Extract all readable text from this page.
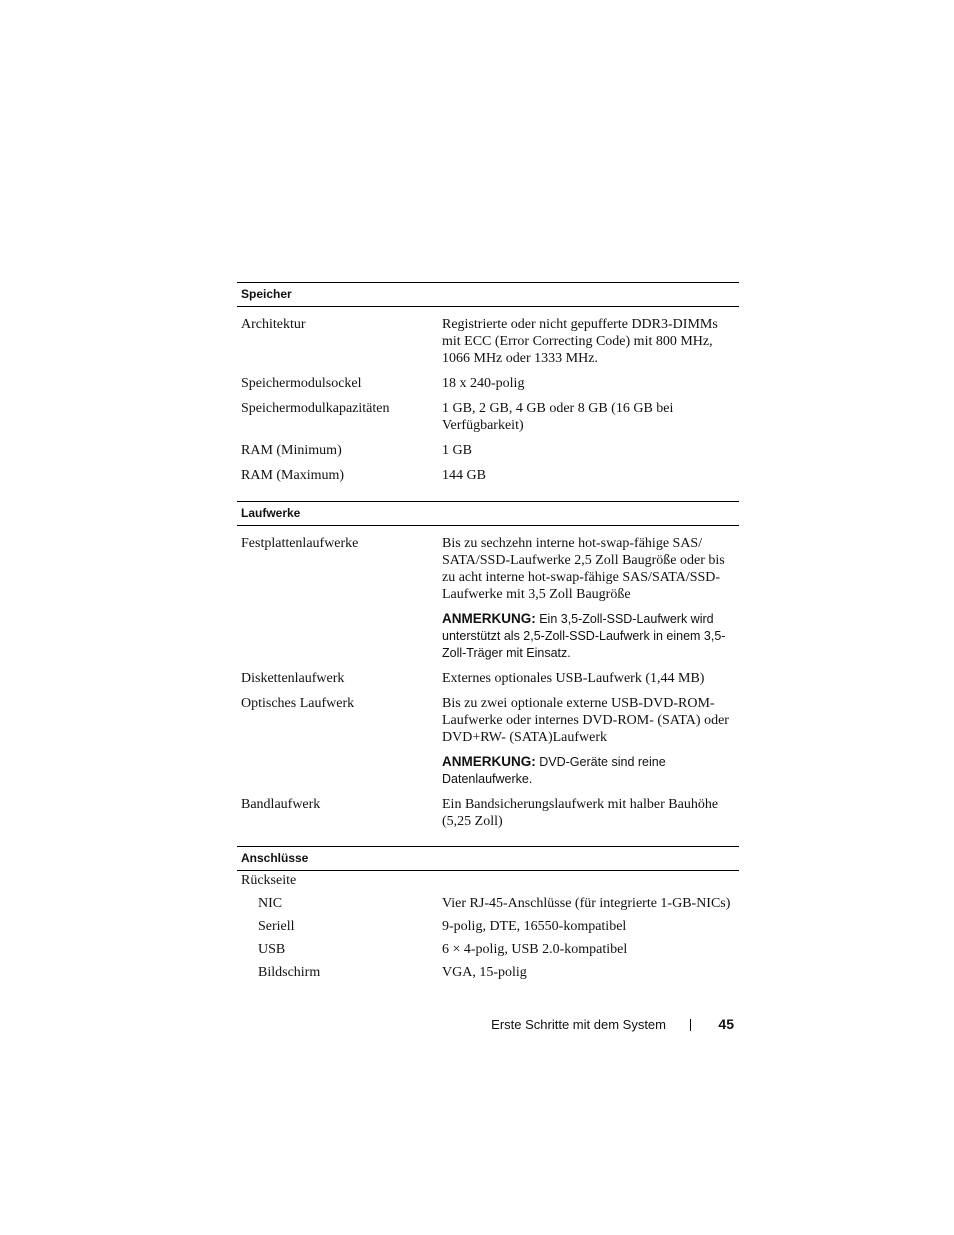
Speicher
Architektur	Registrierte oder nicht gepufferte DDR3-DIMMs mit ECC (Error Correcting Code) mit 800 MHz, 1066 MHz oder 1333 MHz.
Speichermodulsockel	18 x 240-polig
Speichermodulkapazitäten	1 GB, 2 GB, 4 GB oder 8 GB (16 GB bei Verfügbarkeit)
RAM (Minimum)	1 GB
RAM (Maximum)	144 GB
Laufwerke
Festplattenlaufwerke	Bis zu sechzehn interne hot-swap-fähige SAS/ SATA/SSD-Laufwerke 2,5 Zoll Baugröße oder bis zu acht interne hot-swap-fähige SAS/SATA/SSD-Laufwerke mit 3,5 Zoll Baugröße
ANMERKUNG: Ein 3,5-Zoll-SSD-Laufwerk wird unterstützt als 2,5-Zoll-SSD-Laufwerk in einem 3,5-Zoll-Träger mit Einsatz.
Diskettenlaufwerk	Externes optionales USB-Laufwerk (1,44 MB)
Optisches Laufwerk	Bis zu zwei optionale externe USB-DVD-ROM-Laufwerke oder internes DVD-ROM- (SATA) oder DVD+RW- (SATA)Laufwerk
ANMERKUNG: DVD-Geräte sind reine Datenlaufwerke.
Bandlaufwerk	Ein Bandsicherungslaufwerk mit halber Bauhöhe (5,25 Zoll)
Anschlüsse
Rückseite
NIC	Vier RJ-45-Anschlüsse (für integrierte 1-GB-NICs)
Seriell	9-polig, DTE, 16550-kompatibel
USB	6 × 4-polig, USB 2.0-kompatibel
Bildschirm	VGA, 15-polig
Erste Schritte mit dem System	45
